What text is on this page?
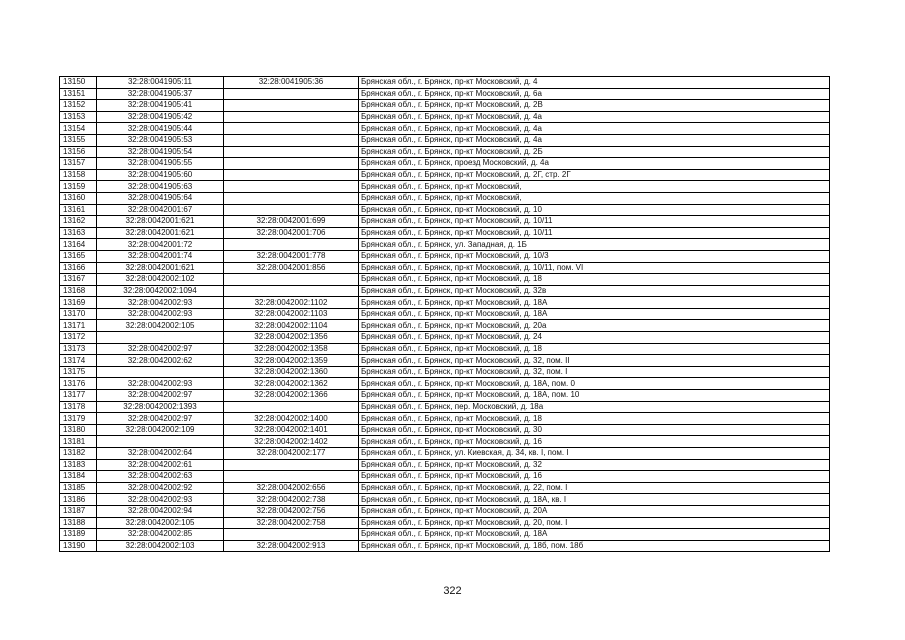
13150	32:28:0041905:11	32:28:0041905:36	Брянская обл., г. Брянск, пр-кт Московский, д. 4
13151	32:28:0041905:37		Брянская обл., г. Брянск, пр-кт Московский, д. 6а
13152	32:28:0041905:41		Брянская обл., г. Брянск, пр-кт Московский, д. 2В
13153	32:28:0041905:42		Брянская обл., г. Брянск, пр-кт Московский, д. 4а
13154	32:28:0041905:44		Брянская обл., г. Брянск, пр-кт Московский, д. 4а
13155	32:28:0041905:53		Брянская обл., г. Брянск, пр-кт Московский, д. 4а
13156	32:28:0041905:54		Брянская обл., г. Брянск, пр-кт Московский, д. 2Б
13157	32:28:0041905:55		Брянская обл., г. Брянск, проезд Московский, д. 4а
13158	32:28:0041905:60		Брянская обл., г. Брянск, пр-кт Московский, д. 2Г, стр. 2Г
13159	32:28:0041905:63		Брянская обл., г. Брянск, пр-кт Московский,
13160	32:28:0041905:64		Брянская обл., г. Брянск, пр-кт Московский,
13161	32:28:0042001:67		Брянская обл., г. Брянск, пр-кт Московский, д. 10
13162	32:28:0042001:621	32:28:0042001:699	Брянская обл., г. Брянск, пр-кт Московский, д. 10/11
13163	32:28:0042001:621	32:28:0042001:706	Брянская обл., г. Брянск, пр-кт Московский, д. 10/11
13164	32:28:0042001:72		Брянская обл., г. Брянск, ул. Западная, д. 1Б
13165	32:28:0042001:74	32:28:0042001:778	Брянская обл., г. Брянск, пр-кт Московский, д. 10/3
13166	32:28:0042001:621	32:28:0042001:856	Брянская обл., г. Брянск, пр-кт Московский, д. 10/11, пом. VI
13167	32:28:0042002:102		Брянская обл., г. Брянск, пр-кт Московский, д. 18
13168	32:28:0042002:1094		Брянская обл., г. Брянск, пр-кт Московский, д. 32в
13169	32:28:0042002:93	32:28:0042002:1102	Брянская обл., г. Брянск, пр-кт Московский, д. 18А
13170	32:28:0042002:93	32:28:0042002:1103	Брянская обл., г. Брянск, пр-кт Московский, д. 18А
13171	32:28:0042002:105	32:28:0042002:1104	Брянская обл., г. Брянск, пр-кт Московский, д. 20а
13172		32:28:0042002:1356	Брянская обл., г. Брянск, пр-кт Московский, д. 24
13173	32:28:0042002:97	32:28:0042002:1358	Брянская обл., г. Брянск, пр-кт Московский, д. 18
13174	32:28:0042002:62	32:28:0042002:1359	Брянская обл., г. Брянск, пр-кт Московский, д. 32, пом. II
13175		32:28:0042002:1360	Брянская обл., г. Брянск, пр-кт Московский, д. 32, пом. I
13176	32:28:0042002:93	32:28:0042002:1362	Брянская обл., г. Брянск, пр-кт Московский, д. 18А, пом. 0
13177	32:28:0042002:97	32:28:0042002:1366	Брянская обл., г. Брянск, пр-кт Московский, д. 18А, пом. 10
13178	32:28:0042002:1393		Брянская обл., г. Брянск, пер. Московский, д. 18а
13179	32:28:0042002:97	32:28:0042002:1400	Брянская обл., г. Брянск, пр-кт Московский, д. 18
13180	32:28:0042002:109	32:28:0042002:1401	Брянская обл., г. Брянск, пр-кт Московский, д. 30
13181		32:28:0042002:1402	Брянская обл., г. Брянск, пр-кт Московский, д. 16
13182	32:28:0042002:64	32:28:0042002:177	Брянская обл., г. Брянск, ул. Киевская, д. 34, кв. I, пом. I
13183	32:28:0042002:61		Брянская обл., г. Брянск, пр-кт Московский, д. 32
13184	32:28:0042002:63		Брянская обл., г. Брянск, пр-кт Московский, д. 16
13185	32:28:0042002:92	32:28:0042002:656	Брянская обл., г. Брянск, пр-кт Московский, д. 22, пом. I
13186	32:28:0042002:93	32:28:0042002:738	Брянская обл., г. Брянск, пр-кт Московский, д. 18А, кв. I
13187	32:28:0042002:94	32:28:0042002:756	Брянская обл., г. Брянск, пр-кт Московский, д. 20А
13188	32:28:0042002:105	32:28:0042002:758	Брянская обл., г. Брянск, пр-кт Московский, д. 20, пом. I
13189	32:28:0042002:85		Брянская обл., г. Брянск, пр-кт Московский, д. 18А
13190	32:28:0042002:103	32:28:0042002:913	Брянская обл., г. Брянск, пр-кт Московский, д. 18б, пом. 18б
322
